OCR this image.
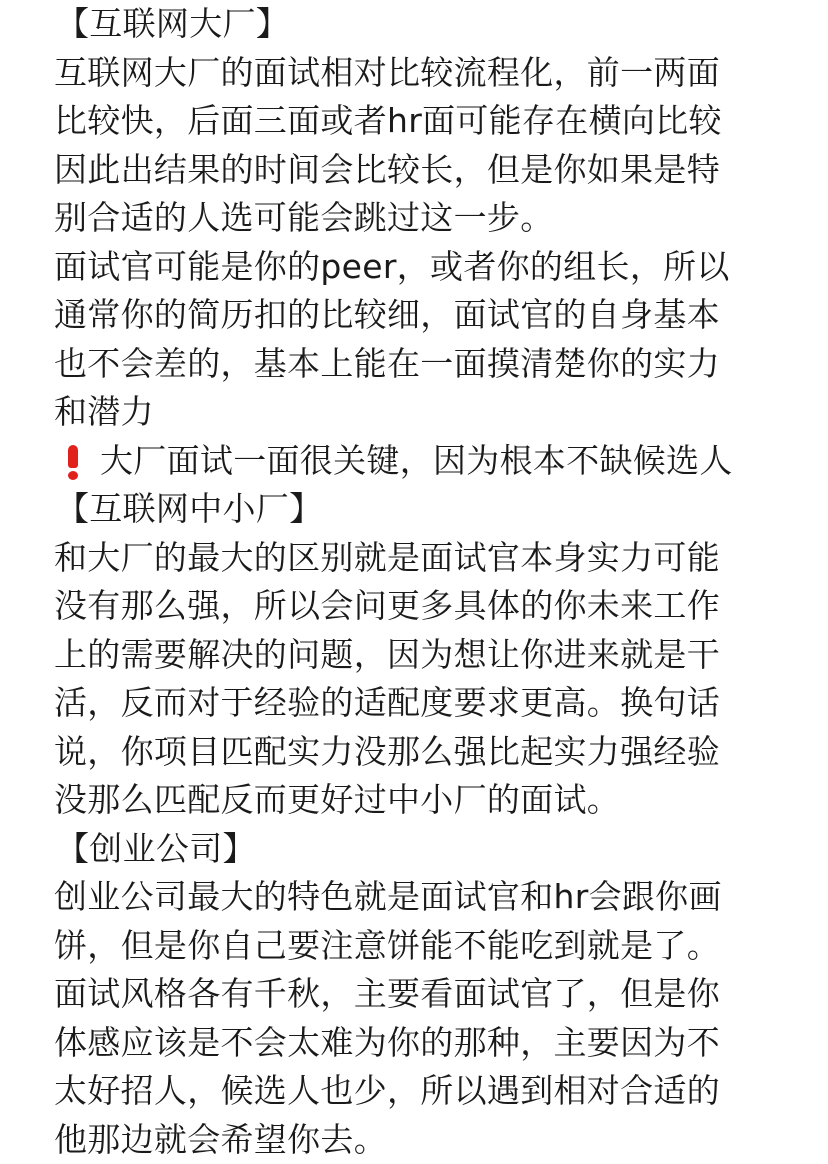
【互联网大厂】
互联网大厂的面试相对比较流程化，前一两面
比较快，后面三面或者hr面可能存在横向比较
因此出结果的时间会比较长，但是你如果是特
别合适的人选可能会跳过这一步。
面试官可能是你的peer，或者你的组长，所以
通常你的简历扣的比较细，面试官的自身基本
也不会差的，基本上能在一面摸清楚你的实力
和潜力
大厂面试一面很关键，因为根本不缺候选人
【互联网中小厂】
和大厂的最大的区别就是面试官本身实力可能
没有那么强，所以会问更多具体的你未来工作
上的需要解决的问题，因为想让你进来就是干
活，反而对于经验的适配度要求更高。换句话
说，你项目匹配实力没那么强比起实力强经验
没那么匹配反而更好过中小厂的面试。
【创业公司】
创业公司最大的特色就是面试官和hr会跟你画
饼，但是你自己要注意饼能不能吃到就是了。
面试风格各有千秋，主要看面试官了，但是你
体感应该是不会太难为你的那种，主要因为不
太好招人，候选人也少，所以遇到相对合适的
他那边就会希望你去。
